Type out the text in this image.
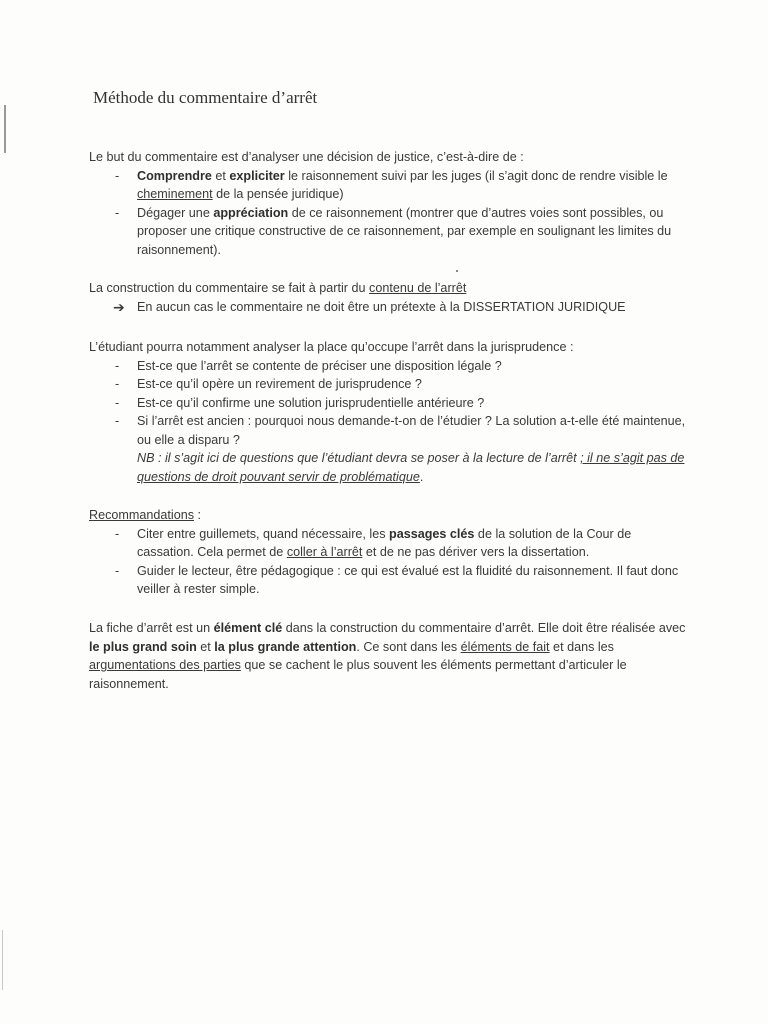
Méthode du commentaire d’arrêt
Le but du commentaire est d’analyser une décision de justice, c’est-à-dire de :
-	Comprendre et expliciter le raisonnement suivi par les juges (il s’agit donc de rendre visible le cheminement de la pensée juridique)
-	Dégager une appréciation de ce raisonnement (montrer que d’autres voies sont possibles, ou proposer une critique constructive de ce raisonnement, par exemple en soulignant les limites du raisonnement).
La construction du commentaire se fait à partir du contenu de l’arrêt
➔ En aucun cas le commentaire ne doit être un prétexte à la DISSERTATION JURIDIQUE
L’étudiant pourra notamment analyser la place qu’occupe l’arrêt dans la jurisprudence :
-	Est-ce que l’arrêt se contente de préciser une disposition légale ?
-	Est-ce qu’il opère un revirement de jurisprudence ?
-	Est-ce qu’il confirme une solution jurisprudentielle antérieure ?
-	Si l’arrêt est ancien : pourquoi nous demande-t-on de l’étudier ? La solution a-t-elle été maintenue, ou elle a disparu ?
NB : il s’agit ici de questions que l’étudiant devra se poser à la lecture de l’arrêt ; il ne s’agit pas de questions de droit pouvant servir de problématique.
Recommandations :
-	Citer entre guillemets, quand nécessaire, les passages clés de la solution de la Cour de cassation. Cela permet de coller à l’arrêt et de ne pas dériver vers la dissertation.
-	Guider le lecteur, être pédagogique : ce qui est évalué est la fluidité du raisonnement. Il faut donc veiller à rester simple.
La fiche d’arrêt est un élément clé dans la construction du commentaire d’arrêt. Elle doit être réalisée avec le plus grand soin et la plus grande attention. Ce sont dans les éléments de fait et dans les argumentations des parties que se cachent le plus souvent les éléments permettant d’articuler le raisonnement.
